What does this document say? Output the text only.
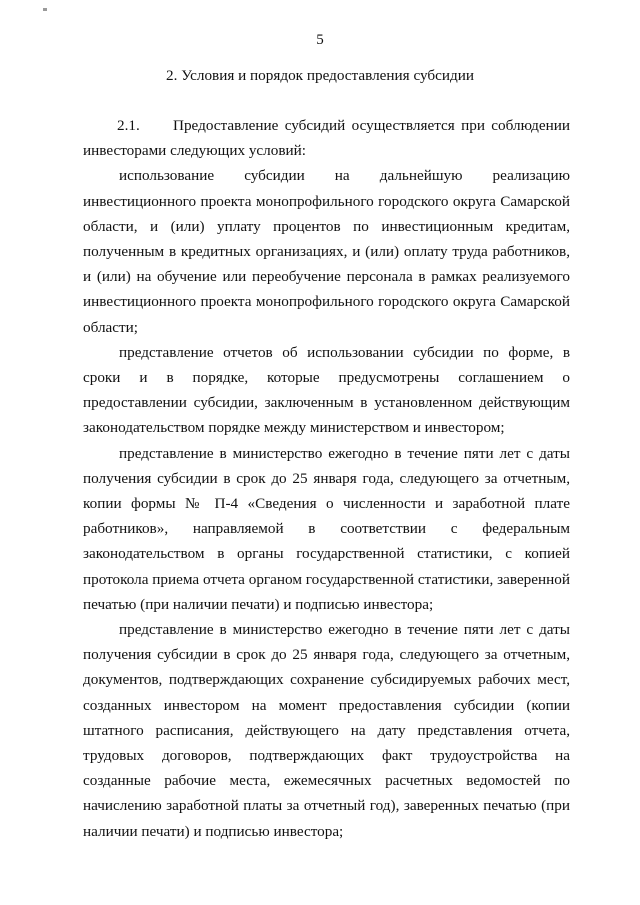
5
2. Условия и порядок предоставления субсидии

2.1. Предоставление субсидий осуществляется при соблюдении инвесторами следующих условий:

использование субсидии на дальнейшую реализацию инвестиционного проекта монопрофильного городского округа Самарской области, и (или) уплату процентов по инвестиционным кредитам, полученным в кредитных организациях, и (или) оплату труда работников, и (или) на обучение или переобучение персонала в рамках реализуемого инвестиционного проекта монопрофильного городского округа Самарской области;

представление отчетов об использовании субсидии по форме, в сроки и в порядке, которые предусмотрены соглашением о предоставлении субсидии, заключенным в установленном действующим законодательством порядке между министерством и инвестором;

представление в министерство ежегодно в течение пяти лет с даты получения субсидии в срок до 25 января года, следующего за отчетным, копии формы № П-4 «Сведения о численности и заработной плате работников», направляемой в соответствии с федеральным законодательством в органы государственной статистики, с копией протокола приема отчета органом государственной статистики, заверенной печатью (при наличии печати) и подписью инвестора;

представление в министерство ежегодно в течение пяти лет с даты получения субсидии в срок до 25 января года, следующего за отчетным, документов, подтверждающих сохранение субсидируемых рабочих мест, созданных инвестором на момент предоставления субсидии (копии штатного расписания, действующего на дату представления отчета, трудовых договоров, подтверждающих факт трудоустройства на созданные рабочие места, ежемесячных расчетных ведомостей по начислению заработной платы за отчетный год), заверенных печатью (при наличии печати) и подписью инвестора;
